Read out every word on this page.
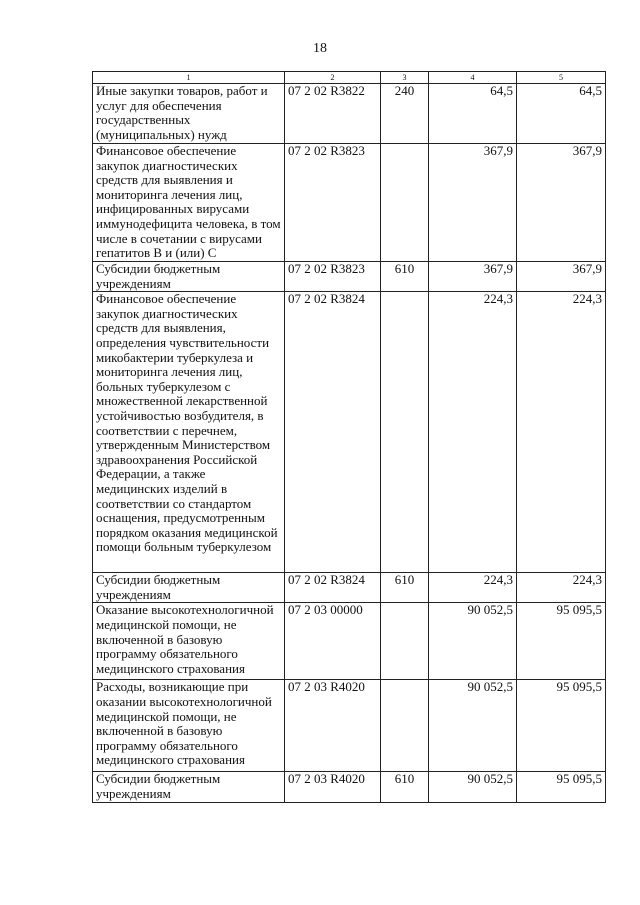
18
1	2	3	4	5
Иные закупки товаров, работ и услуг для обеспечения государственных (муниципальных) нужд	07 2 02 R3822	240	64,5	64,5
Финансовое обеспечение закупок диагностических средств для выявления и мониторинга лечения лиц, инфицированных вирусами иммунодефицита человека, в том числе в сочетании с вирусами гепатитов B и (или) C	07 2 02 R3823		367,9	367,9
Субсидии бюджетным учреждениям	07 2 02 R3823	610	367,9	367,9
Финансовое обеспечение закупок диагностических средств для выявления, определения чувствительности микобактерии туберкулеза и мониторинга лечения лиц, больных туберкулезом с множественной лекарственной устойчивостью возбудителя, в соответствии с перечнем, утвержденным Министерством здравоохранения Российской Федерации, а также медицинских изделий в соответствии со стандартом оснащения, предусмотренным порядком оказания медицинской помощи больным туберкулезом	07 2 02 R3824		224,3	224,3
Субсидии бюджетным учреждениям	07 2 02 R3824	610	224,3	224,3
Оказание высокотехнологичной медицинской помощи, не включенной в базовую программу обязательного медицинского страхования	07 2 03 00000		90 052,5	95 095,5
Расходы, возникающие при оказании высокотехнологичной медицинской помощи, не включенной в базовую программу обязательного медицинского страхования	07 2 03 R4020		90 052,5	95 095,5
Субсидии бюджетным учреждениям	07 2 03 R4020	610	90 052,5	95 095,5
